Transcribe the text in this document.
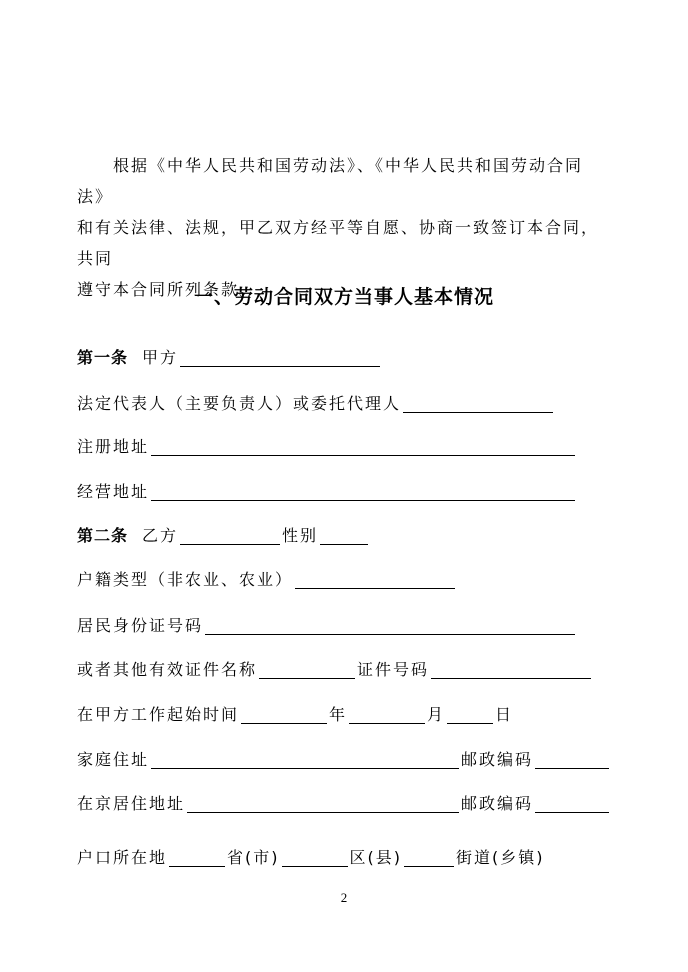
根据《中华人民共和国劳动法》、《中华人民共和国劳动合同法》
和有关法律、法规，甲乙双方经平等自愿、协商一致签订本合同，共同
遵守本合同所列条款。
一、劳动合同双方当事人基本情况
第一条 甲方
法定代表人（主要负责人）或委托代理人
注册地址
经营地址
第二条 乙方	性别
户籍类型（非农业、农业）
居民身份证号码
或者其他有效证件名称	证件号码
在甲方工作起始时间	年	月	日
家庭住址	邮政编码
在京居住地址	邮政编码
户口所在地	省(市)	区(县)	街道(乡镇)
2
